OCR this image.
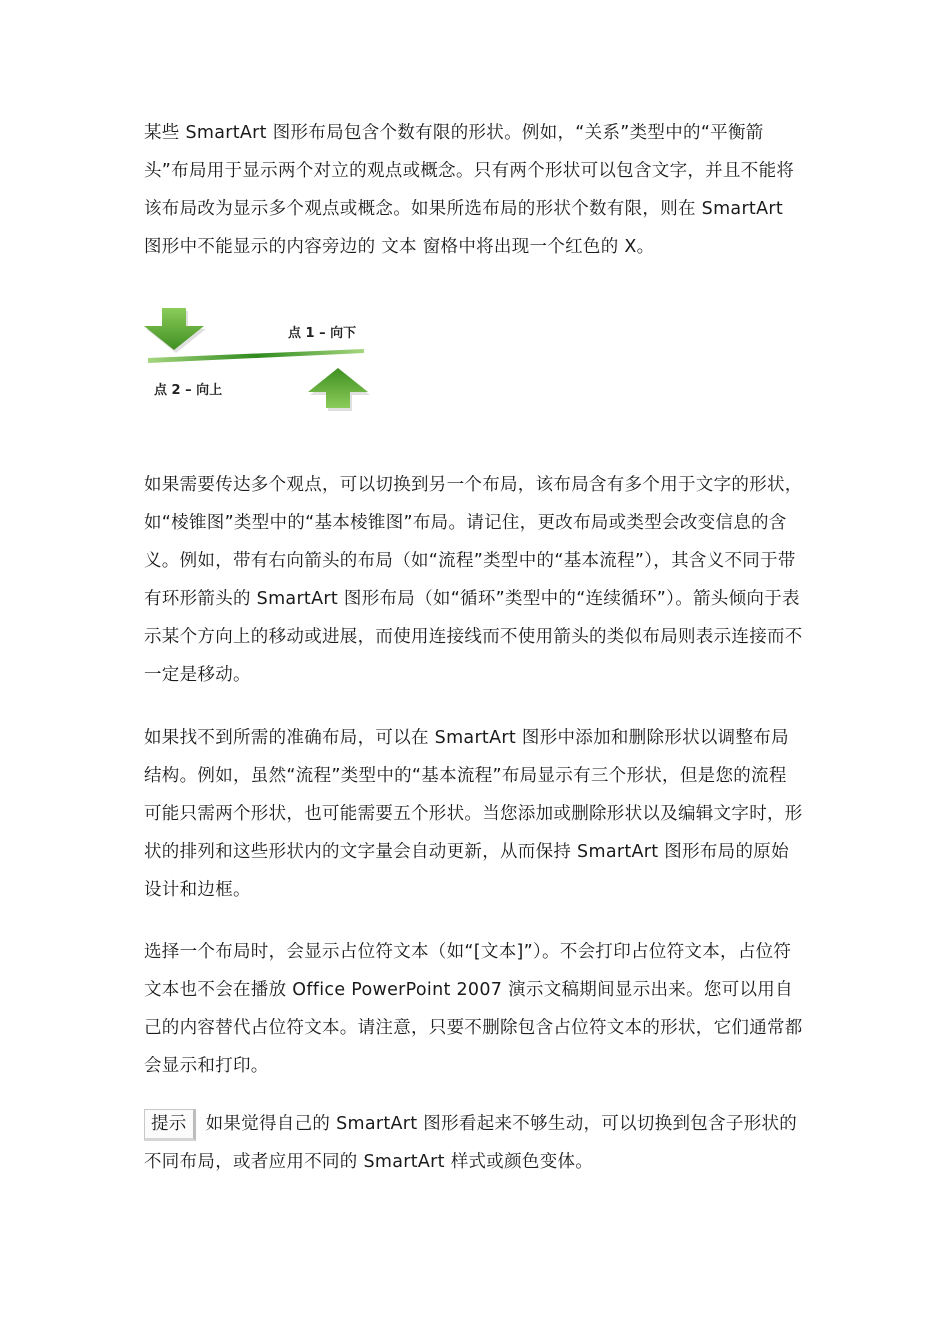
某些 SmartArt 图形布局包含个数有限的形状。例如，“关系”类型中的“平衡箭头”布局用于显示两个对立的观点或概念。只有两个形状可以包含文字，并且不能将该布局改为显示多个观点或概念。如果所选布局的形状个数有限，则在 SmartArt 图形中不能显示的内容旁边的 文本 窗格中将出现一个红色的 X。

点 1 – 向下
点 2 – 向上

如果需要传达多个观点，可以切换到另一个布局，该布局含有多个用于文字的形状，如“棱锥图”类型中的“基本棱锥图”布局。请记住，更改布局或类型会改变信息的含义。例如，带有右向箭头的布局（如“流程”类型中的“基本流程”），其含义不同于带有环形箭头的 SmartArt 图形布局（如“循环”类型中的“连续循环”）。箭头倾向于表示某个方向上的移动或进展，而使用连接线而不使用箭头的类似布局则表示连接而不一定是移动。

如果找不到所需的准确布局，可以在 SmartArt 图形中添加和删除形状以调整布局结构。例如，虽然“流程”类型中的“基本流程”布局显示有三个形状，但是您的流程可能只需两个形状，也可能需要五个形状。当您添加或删除形状以及编辑文字时，形状的排列和这些形状内的文字量会自动更新，从而保持 SmartArt 图形布局的原始设计和边框。

选择一个布局时，会显示占位符文本（如“[文本]”）。不会打印占位符文本，占位符文本也不会在播放 Office PowerPoint 2007 演示文稿期间显示出来。您可以用自己的内容替代占位符文本。请注意，只要不删除包含占位符文本的形状，它们通常都会显示和打印。

提示 如果觉得自己的 SmartArt 图形看起来不够生动，可以切换到包含子形状的不同布局，或者应用不同的 SmartArt 样式或颜色变体。
